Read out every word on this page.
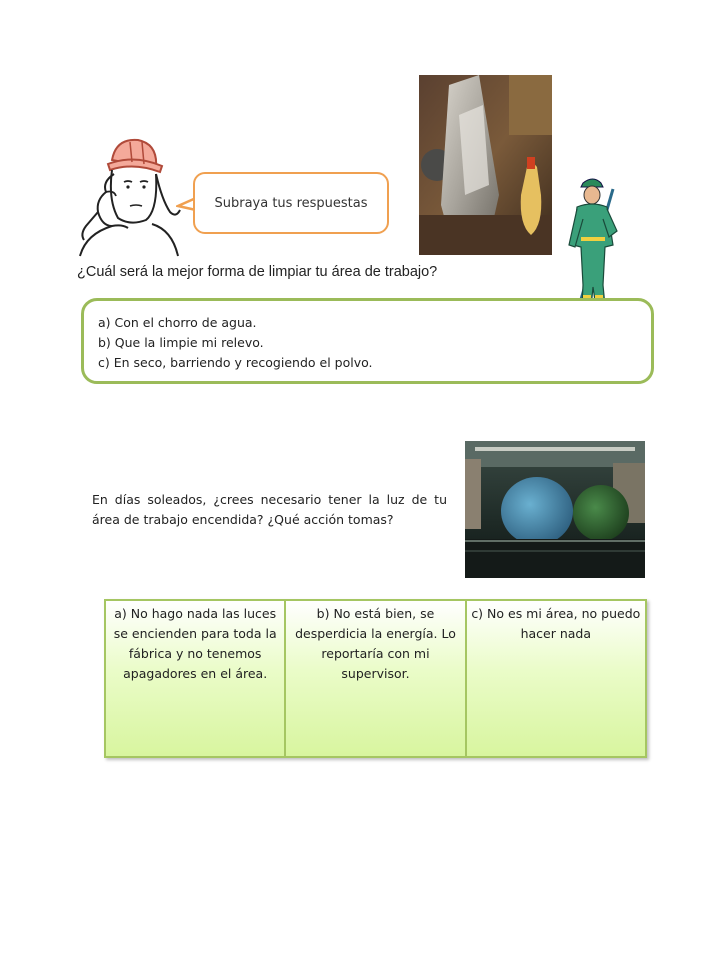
Subraya tus respuestas
¿Cuál será la mejor forma de limpiar tu área de trabajo?
a) Con el chorro de agua.
b) Que la limpie mi relevo.
c) En seco, barriendo y recogiendo el polvo.
En días soleados, ¿crees necesario tener la luz de tu área de trabajo encendida? ¿Qué acción tomas?
a) No hago nada las luces se encienden para toda la fábrica y no tenemos apagadores en el área.
b) No está bien, se desperdicia la energía. Lo reportaría con mi supervisor.
c) No es mi área, no puedo hacer nada
